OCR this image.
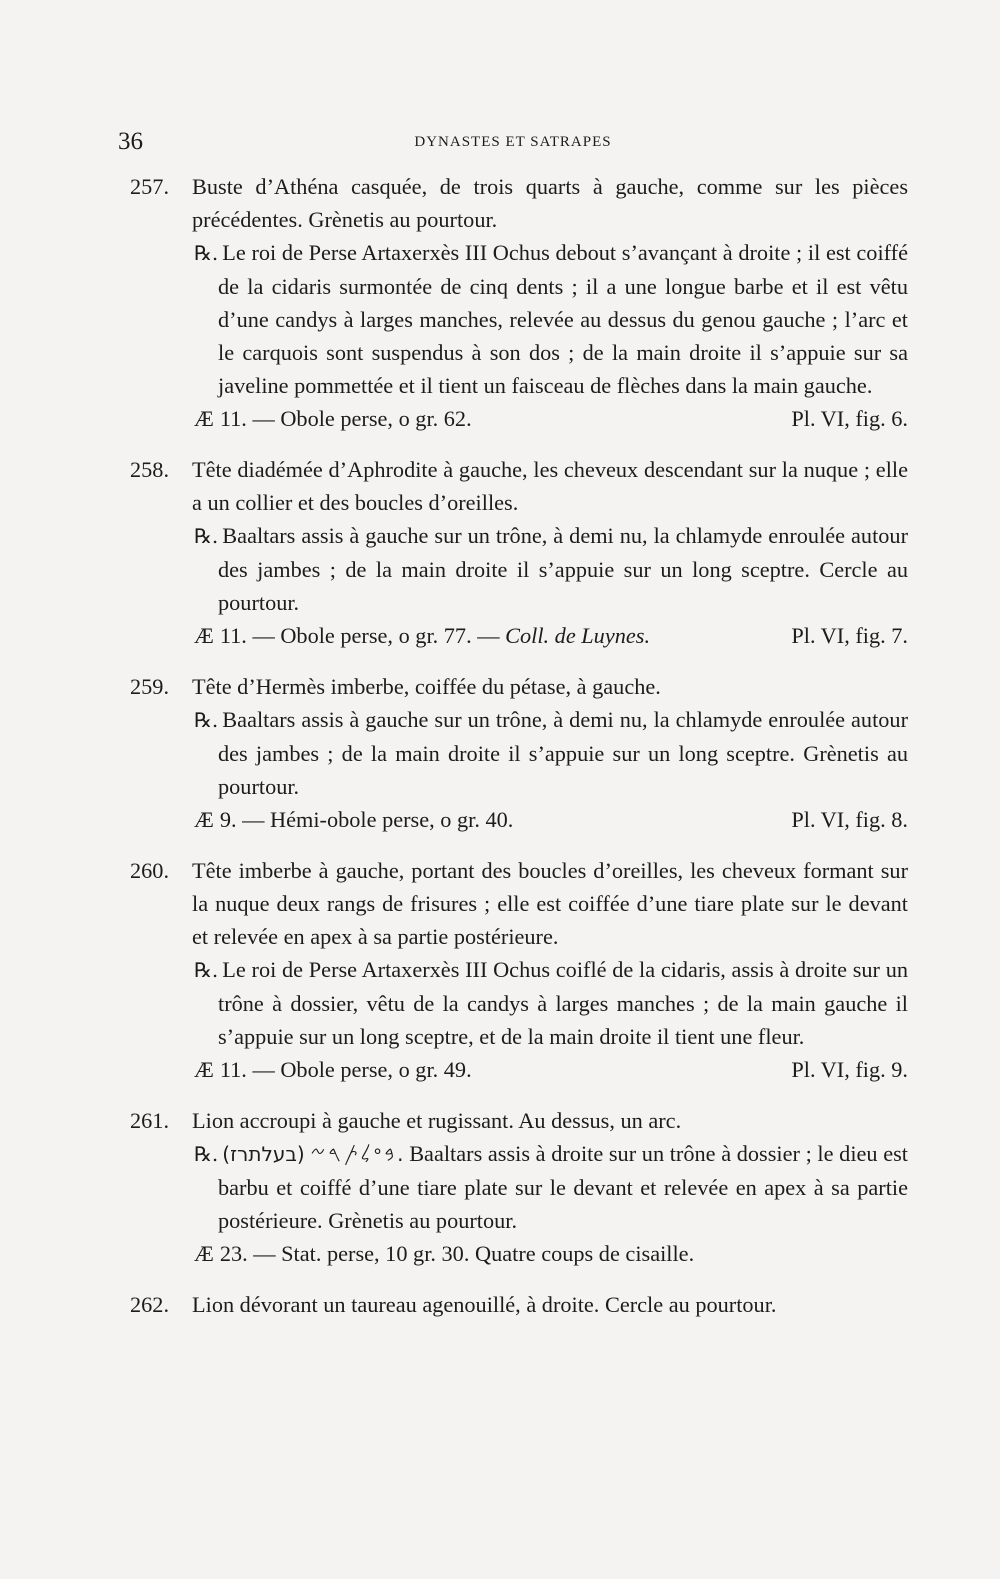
36	DYNASTES ET SATRAPES
257. Buste d’Athéna casquée, de trois quarts à gauche, comme sur les pièces précédentes. Grènetis au pourtour.
℞. Le roi de Perse Artaxerxès III Ochus debout s’avançant à droite ; il est coiffé de la cidaris surmontée de cinq dents ; il a une longue barbe et il est vêtu d’une candys à larges manches, relevée au dessus du genou gauche ; l’arc et le carquois sont suspendus à son dos ; de la main droite il s’appuie sur sa javeline pommettée et il tient un faisceau de flèches dans la main gauche.
Æ 11. — Obole perse, o gr. 62.	Pl. VI, fig. 6.
258. Tête diadémée d’Aphrodite à gauche, les cheveux descendant sur la nuque ; elle a un collier et des boucles d’oreilles.
℞. Baaltars assis à gauche sur un trône, à demi nu, la chlamyde enroulée autour des jambes ; de la main droite il s’appuie sur un long sceptre. Cercle au pourtour.
Æ 11. — Obole perse, o gr. 77. — Coll. de Luynes.	Pl. VI, fig. 7.
259. Tête d’Hermès imberbe, coiffée du pétase, à gauche.
℞. Baaltars assis à gauche sur un trône, à demi nu, la chlamyde enroulée autour des jambes ; de la main droite il s’appuie sur un long sceptre. Grènetis au pourtour.
Æ 9. — Hémi-obole perse, o gr. 40.	Pl. VI, fig. 8.
260. Tête imberbe à gauche, portant des boucles d’oreilles, les cheveux formant sur la nuque deux rangs de frisures ; elle est coiffée d’une tiare plate sur le devant et relevée en apex à sa partie postérieure.
℞. Le roi de Perse Artaxerxès III Ochus coiflé de la cidaris, assis à droite sur un trône à dossier, vêtu de la candys à larges manches ; de la main gauche il s’appuie sur un long sceptre, et de la main droite il tient une fleur.
Æ 11. — Obole perse, o gr. 49.	Pl. VI, fig. 9.
261. Lion accroupi à gauche et rugissant. Au dessus, un arc.
℞.	𐤁𐤏𐤋𐤕𐤓𐤆 (בעלתרז). Baaltars assis à droite sur un trône à dossier ; le dieu est barbu et coiffé d’une tiare plate sur le devant et relevée en apex à sa partie postérieure. Grènetis au pourtour.
Æ 23. — Stat. perse, 10 gr. 30. Quatre coups de cisaille.
262. Lion dévorant un taureau agenouillé, à droite. Cercle au pourtour.
